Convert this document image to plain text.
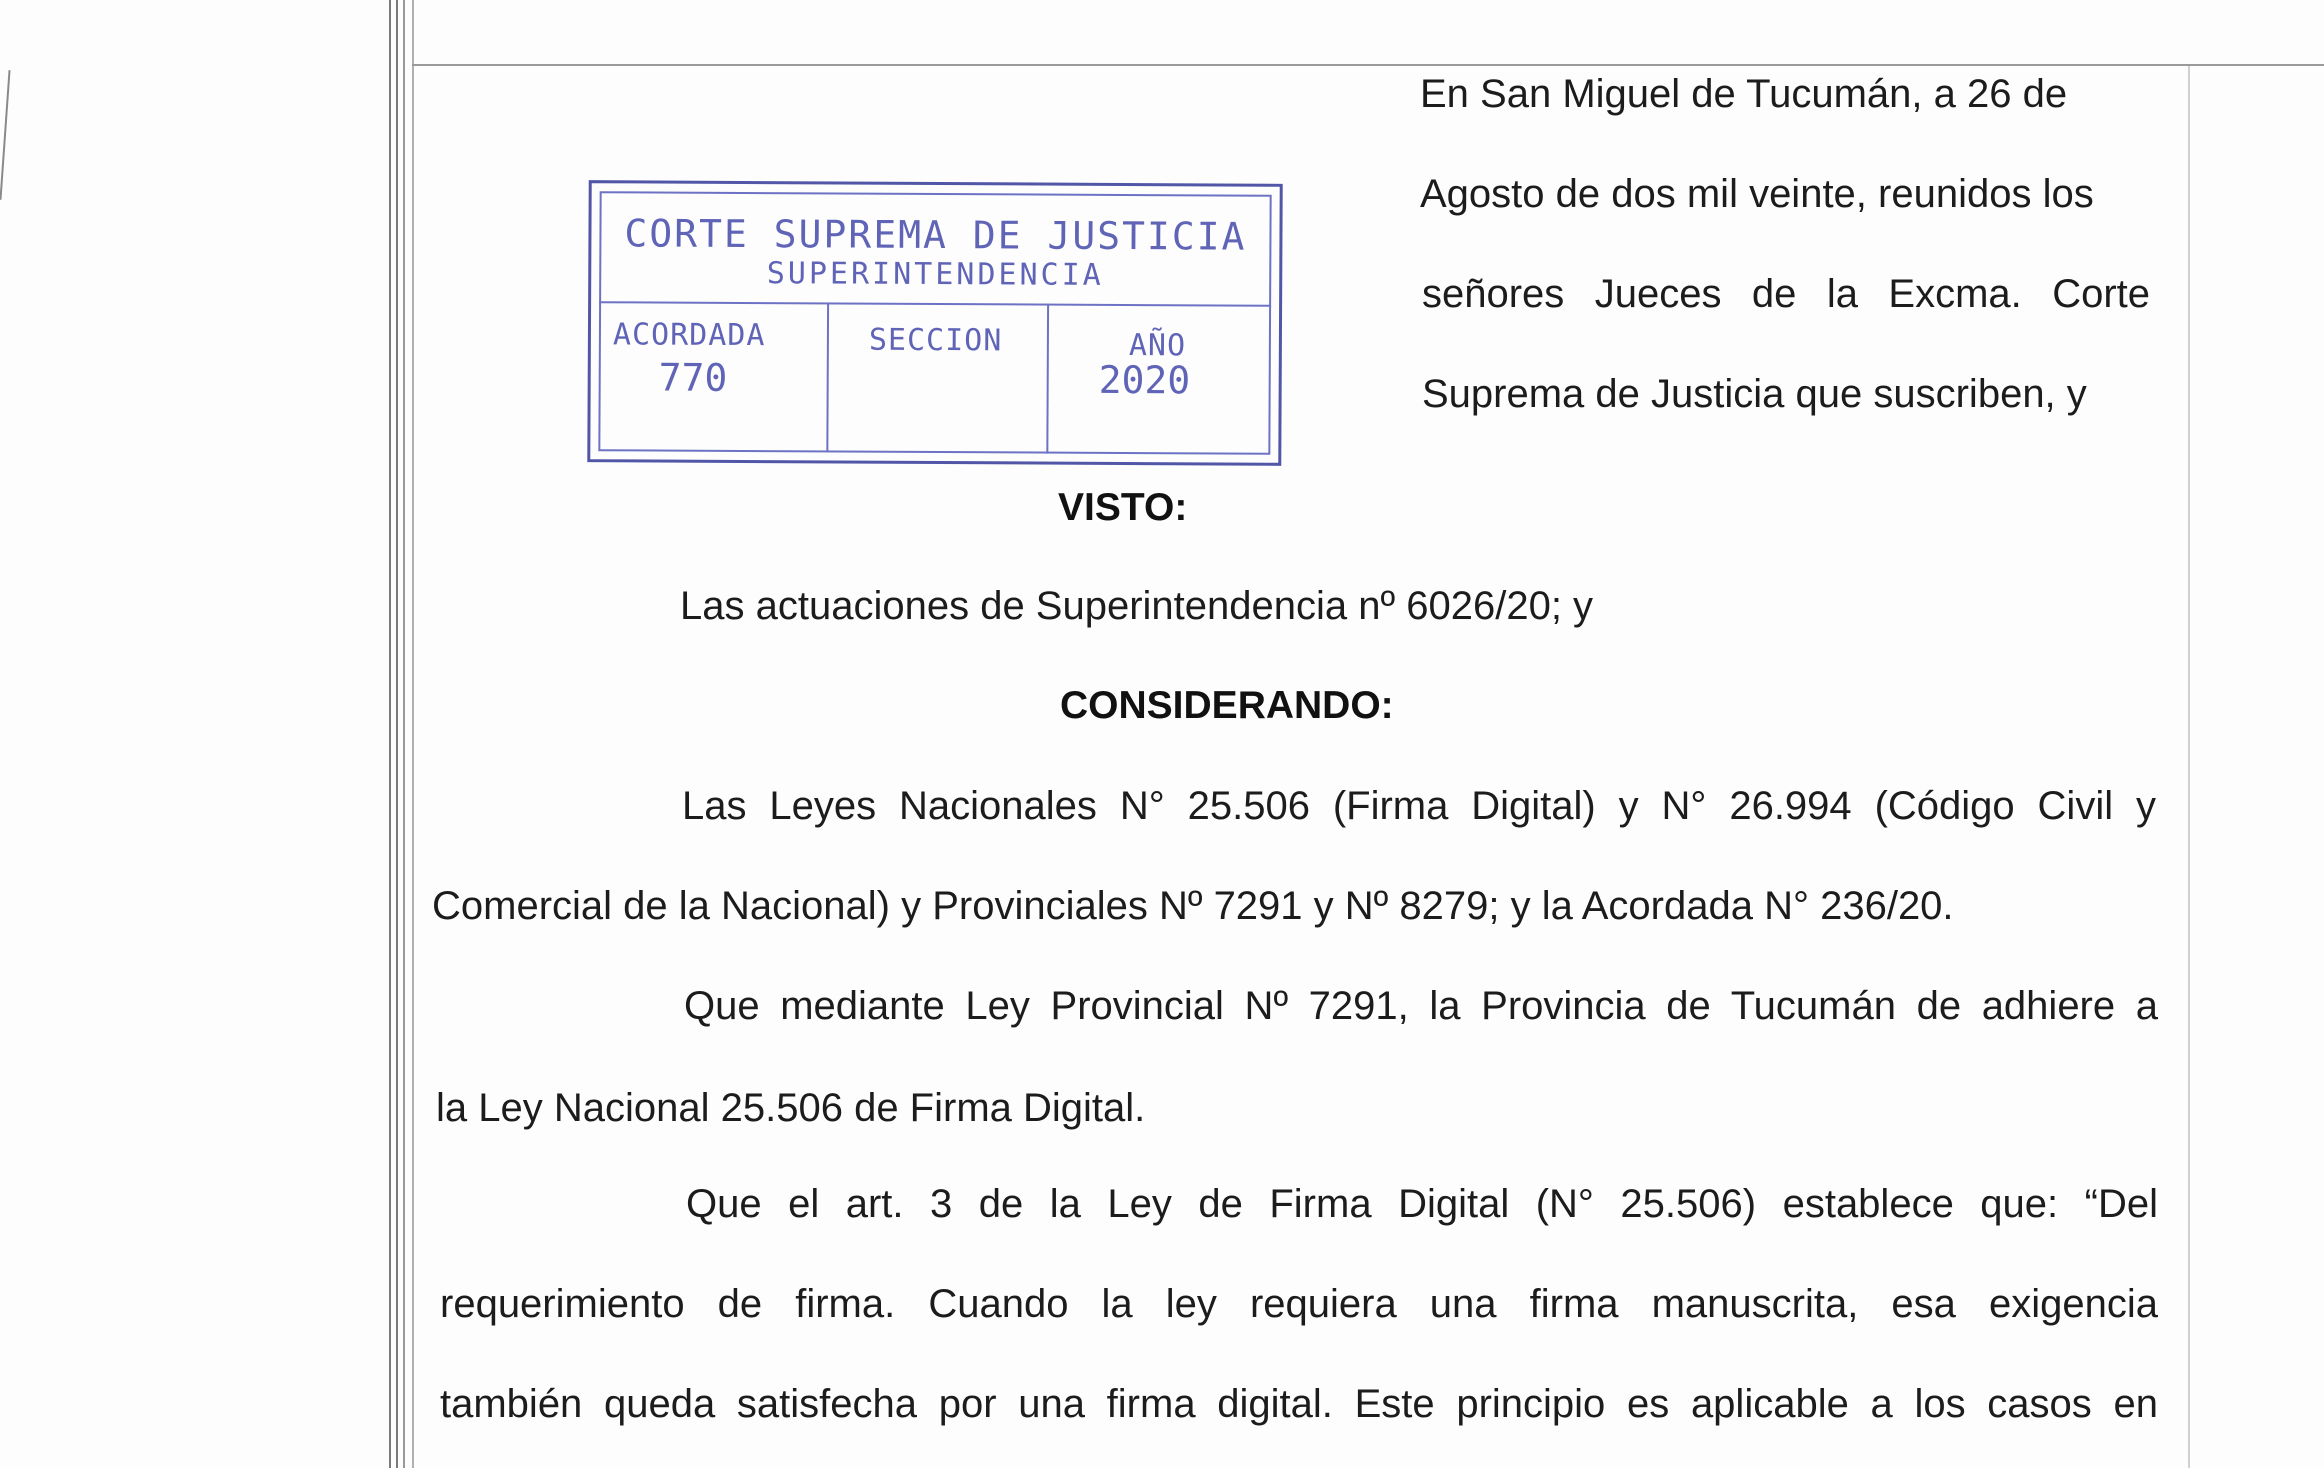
CORTE SUPREMA DE JUSTICIA
SUPERINTENDENCIA
ACORDADA
770
SECCION	AÑO
2020
En San Miguel de Tucumán, a 26 de
Agosto de dos mil veinte, reunidos los
señores Jueces de la Excma. Corte
Suprema de Justicia que suscriben, y
VISTO:
Las actuaciones de Superintendencia nº 6026/20; y
CONSIDERANDO:
Las Leyes Nacionales N° 25.506 (Firma Digital) y N° 26.994 (Código Civil y
Comercial de la Nacional) y Provinciales Nº 7291 y Nº 8279; y la Acordada N° 236/20.
Que mediante Ley Provincial Nº 7291, la Provincia de Tucumán de adhiere a
la Ley Nacional 25.506 de Firma Digital.
Que el art. 3 de la Ley de Firma Digital (N° 25.506) establece que: “Del
requerimiento de firma. Cuando la ley requiera una firma manuscrita, esa exigencia
también queda satisfecha por una firma digital. Este principio es aplicable a los casos en
